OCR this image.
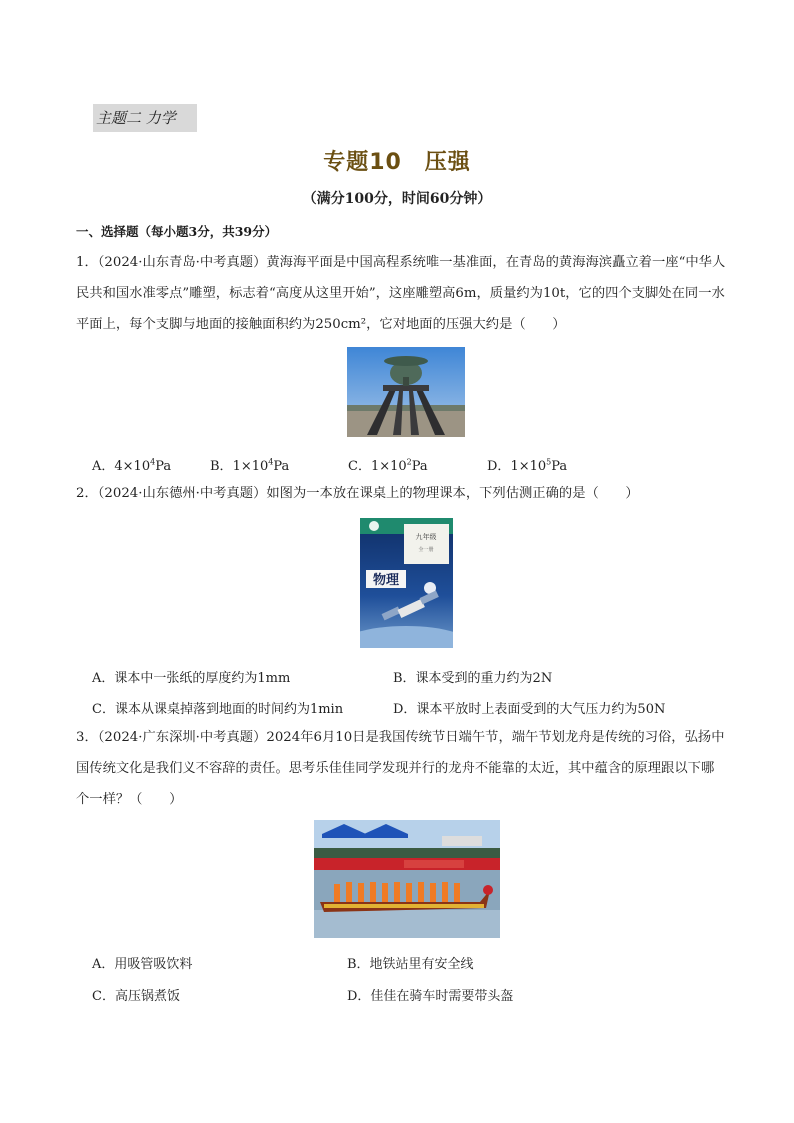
主题二 力学
专题10　压强
（满分100分，时间60分钟）
一、选择题（每小题3分，共39分）
1．（2024·山东青岛·中考真题）黄海海平面是中国高程系统唯一基准面，在青岛的黄海海滨矗立着一座“中华人民共和国水准零点”雕塑，标志着“高度从这里开始”，这座雕塑高6m，质量约为10t，它的四个支脚处在同一水平面上，每个支脚与地面的接触面积约为250cm²，它对地面的压强大约是（　　）
A．$4\times 10^4Pa$	B．$1\times 10^4Pa$	C．$1\times 10^2Pa$	D．$1\times 10^5Pa$
2．（2024·山东德州·中考真题）如图为一本放在课桌上的物理课本，下列估测正确的是（　　）
九年级
全一册
物理
A．课本中一张纸的厚度约为1mm	B．课本受到的重力约为2N
C．课本从课桌掉落到地面的时间约为1min	D．课本平放时上表面受到的大气压力约为50N
3．（2024·广东深圳·中考真题）2024年6月10日是我国传统节日端午节，端午节划龙舟是传统的习俗，弘扬中国传统文化是我们义不容辞的责任。思考乐佳佳同学发现并行的龙舟不能靠的太近，其中蕴含的原理跟以下哪个一样？（　　）
A．用吸管吸饮料	B．地铁站里有安全线
C．高压锅煮饭	D．佳佳在骑车时需要带头盔
